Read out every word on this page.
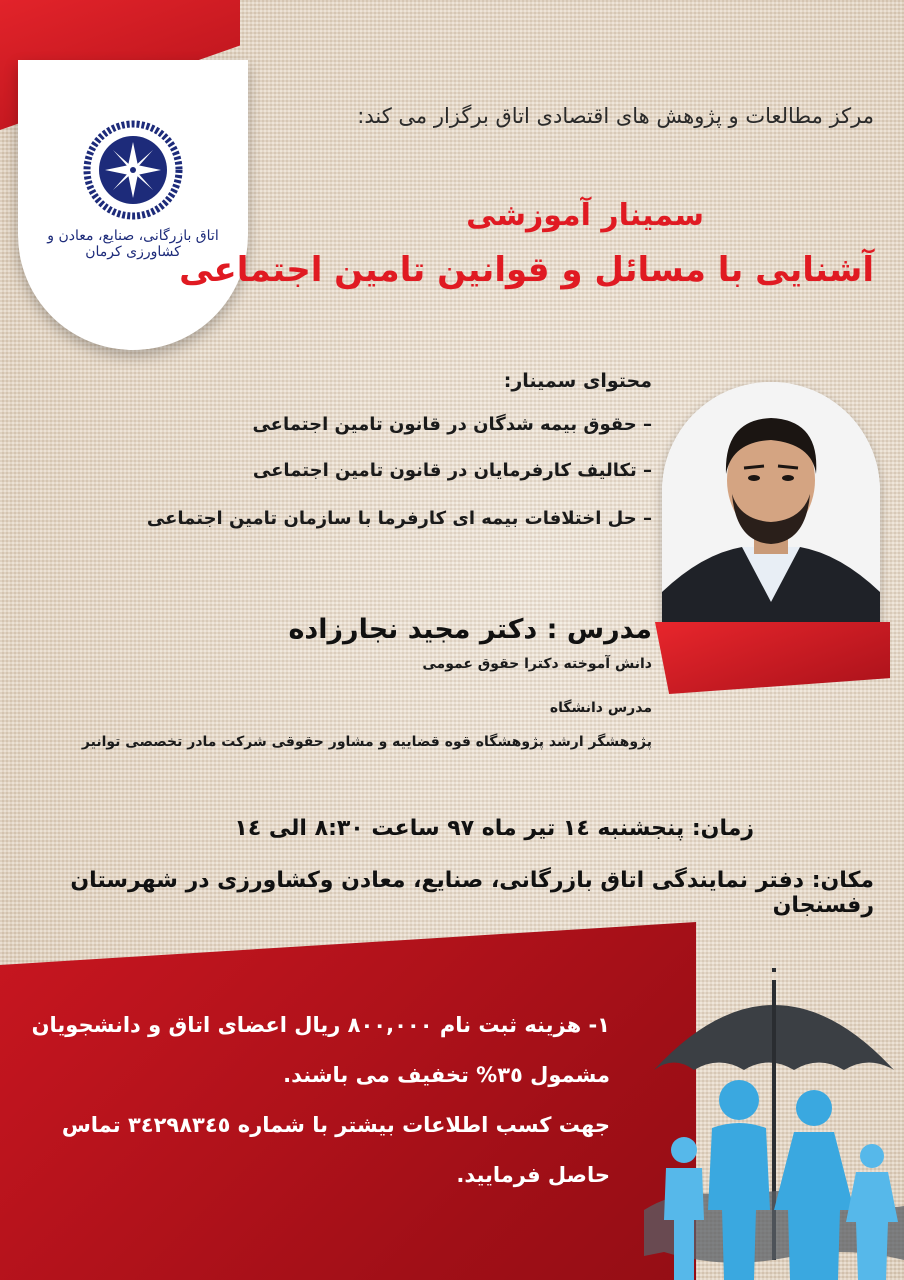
اتاق بازرگانی، صنایع، معادن و کشاورزی کرمان
مرکز مطالعات و پژوهش های اقتصادی اتاق برگزار می کند:
سمینار آموزشی
آشنایی با مسائل و قوانین تامین اجتماعی
محتوای سمینار:
– حقوق بیمه شدگان در قانون تامین اجتماعی
– تکالیف کارفرمایان در قانون تامین اجتماعی
– حل اختلافات بیمه ای کارفرما با سازمان تامین اجتماعی
مدرس : دکتر مجید نجارزاده
دانش آموخته دکترا حقوق عمومی
مدرس دانشگاه
پژوهشگر ارشد پژوهشگاه قوه قضاییه و مشاور حقوقی شرکت مادر تخصصی توانیر
زمان: پنجشنبه ١٤ تیر ماه ٩٧ ساعت ٨:٣٠ الی ١٤
مکان: دفتر نمایندگی اتاق بازرگانی، صنایع، معادن وکشاورزی در شهرستان رفسنجان
١- هزینه ثبت نام ٨٠٠,٠٠٠ ریال اعضای اتاق و دانشجویان
مشمول ٣٥% تخفیف می باشند.
جهت کسب اطلاعات بیشتر با شماره ٣٤٢٩٨٣٤٥ تماس
حاصل فرمایید.
